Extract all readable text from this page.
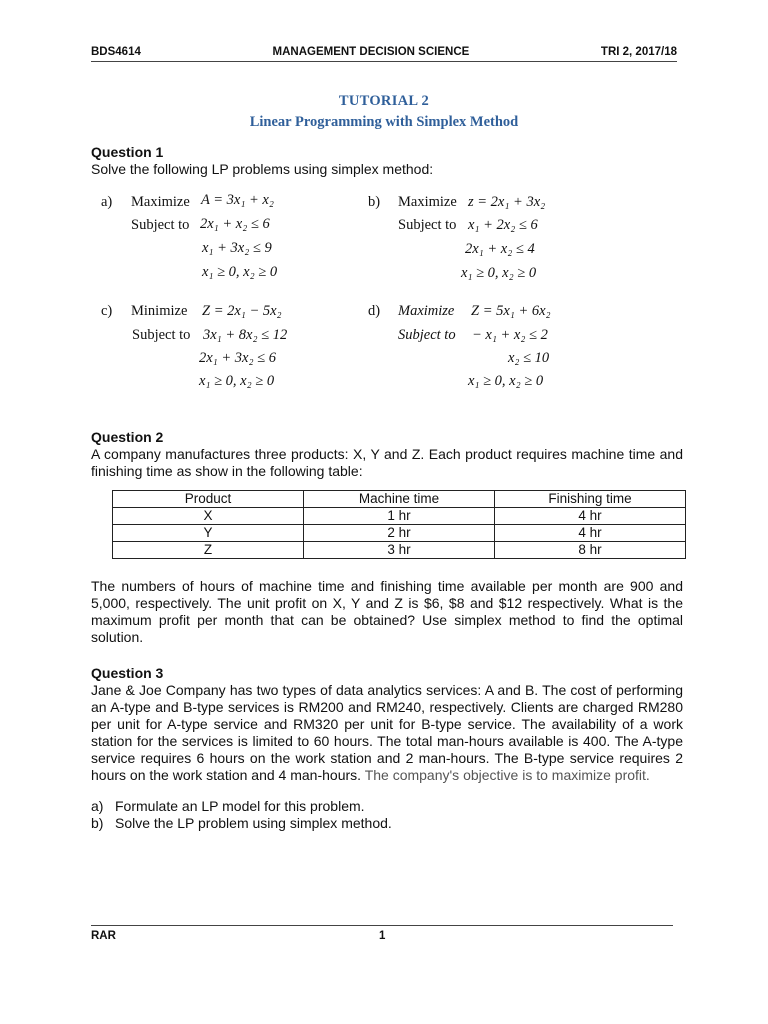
BDS4614	MANAGEMENT DECISION SCIENCE	TRI 2, 2017/18
TUTORIAL 2
Linear Programming with Simplex Method
Question 1
Solve the following LP problems using simplex method:
a) Maximize A = 3x₁ + x₂
Subject to 2x₁ + x₂ ≤ 6
x₁ + 3x₂ ≤ 9
x₁ ≥ 0, x₂ ≥ 0
b) Maximize z = 2x₁ + 3x₂
Subject to x₁ + 2x₂ ≤ 6
2x₁ + x₂ ≤ 4
x₁ ≥ 0, x₂ ≥ 0
c) Minimize Z = 2x₁ − 5x₂
Subject to 3x₁ + 8x₂ ≤ 12
2x₁ + 3x₂ ≤ 6
x₁ ≥ 0, x₂ ≥ 0
d) Maximize Z = 5x₁ + 6x₂
Subject to − x₁ + x₂ ≤ 2
x₂ ≤ 10
x₁ ≥ 0, x₂ ≥ 0
Question 2
A company manufactures three products: X, Y and Z. Each product requires machine time and finishing time as show in the following table:
Product	Machine time	Finishing time
X	1 hr	4 hr
Y	2 hr	4 hr
Z	3 hr	8 hr
The numbers of hours of machine time and finishing time available per month are 900 and 5,000, respectively. The unit profit on X, Y and Z is $6, $8 and $12 respectively. What is the maximum profit per month that can be obtained? Use simplex method to find the optimal solution.
Question 3
Jane & Joe Company has two types of data analytics services: A and B. The cost of performing an A-type and B-type services is RM200 and RM240, respectively. Clients are charged RM280 per unit for A-type service and RM320 per unit for B-type service. The availability of a work station for the services is limited to 60 hours. The total man-hours available is 400. The A-type service requires 6 hours on the work station and 2 man-hours. The B-type service requires 2 hours on the work station and 4 man-hours. The company's objective is to maximize profit.
a) Formulate an LP model for this problem.
b) Solve the LP problem using simplex method.
RAR	1
